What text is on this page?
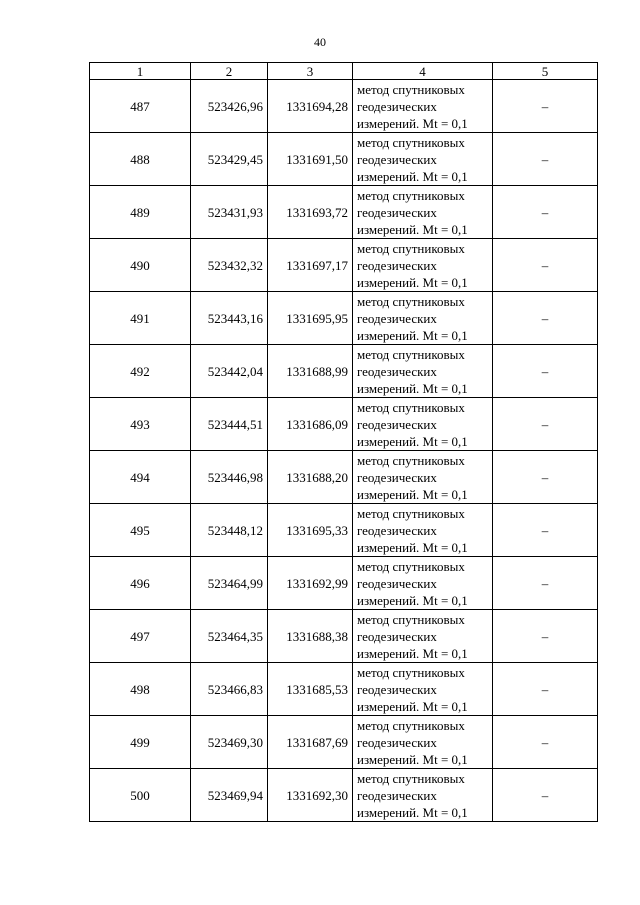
40
1	2	3	4	5
487	523426,96	1331694,28	метод спутниковых
геодезических
измерений. Mt = 0,1	–
488	523429,45	1331691,50	метод спутниковых
геодезических
измерений. Mt = 0,1	–
489	523431,93	1331693,72	метод спутниковых
геодезических
измерений. Mt = 0,1	–
490	523432,32	1331697,17	метод спутниковых
геодезических
измерений. Mt = 0,1	–
491	523443,16	1331695,95	метод спутниковых
геодезических
измерений. Mt = 0,1	–
492	523442,04	1331688,99	метод спутниковых
геодезических
измерений. Mt = 0,1	–
493	523444,51	1331686,09	метод спутниковых
геодезических
измерений. Mt = 0,1	–
494	523446,98	1331688,20	метод спутниковых
геодезических
измерений. Mt = 0,1	–
495	523448,12	1331695,33	метод спутниковых
геодезических
измерений. Mt = 0,1	–
496	523464,99	1331692,99	метод спутниковых
геодезических
измерений. Mt = 0,1	–
497	523464,35	1331688,38	метод спутниковых
геодезических
измерений. Mt = 0,1	–
498	523466,83	1331685,53	метод спутниковых
геодезических
измерений. Mt = 0,1	–
499	523469,30	1331687,69	метод спутниковых
геодезических
измерений. Mt = 0,1	–
500	523469,94	1331692,30	метод спутниковых
геодезических
измерений. Mt = 0,1	–
